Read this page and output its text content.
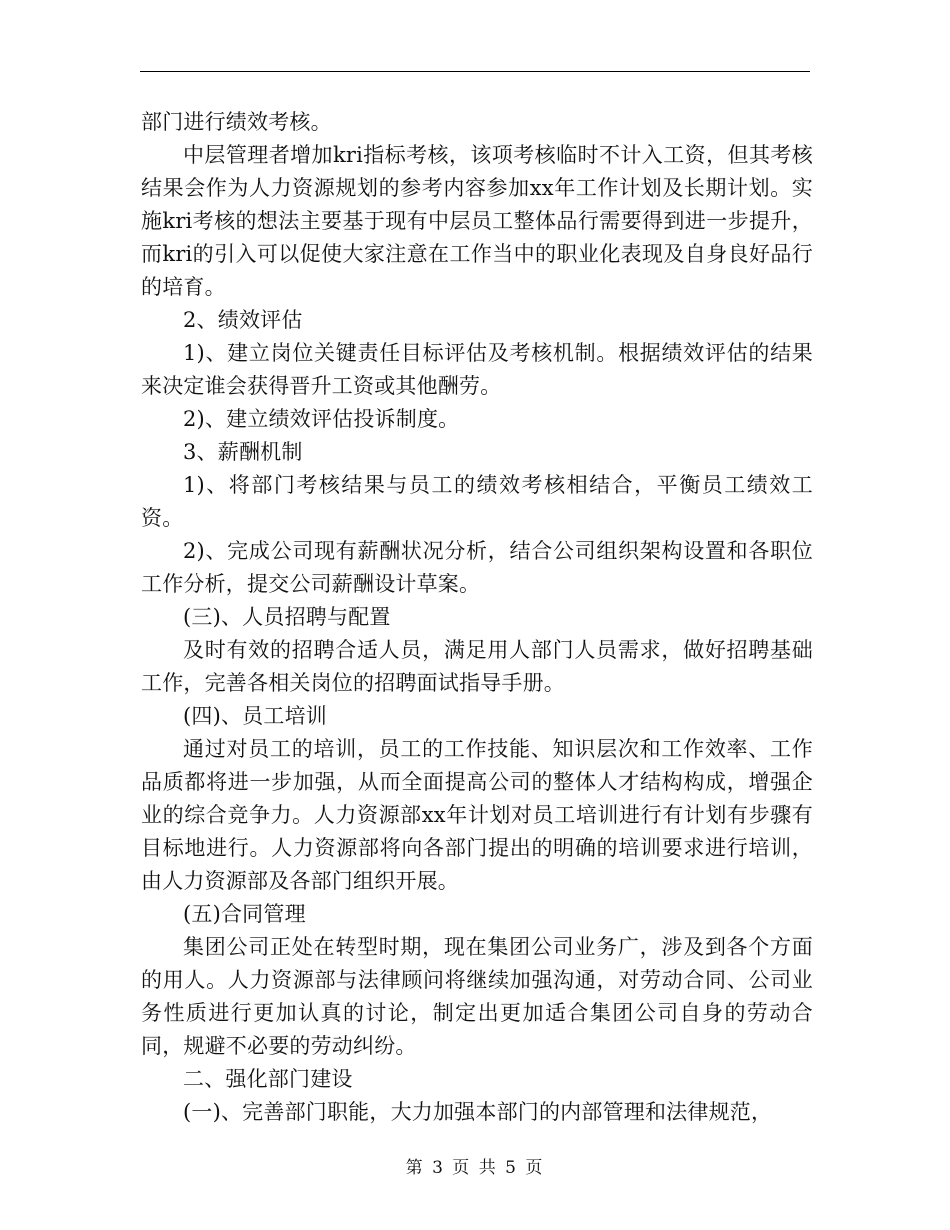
部门进行绩效考核。

中层管理者增加kri指标考核，该项考核临时不计入工资，但其考核结果会作为人力资源规划的参考内容参加xx年工作计划及长期计划。实施kri考核的想法主要基于现有中层员工整体品行需要得到进一步提升，而kri的引入可以促使大家注意在工作当中的职业化表现及自身良好品行的培育。

2、绩效评估

1)、建立岗位关键责任目标评估及考核机制。根据绩效评估的结果来决定谁会获得晋升工资或其他酬劳。

2)、建立绩效评估投诉制度。

3、薪酬机制

1)、将部门考核结果与员工的绩效考核相结合，平衡员工绩效工资。

2)、完成公司现有薪酬状况分析，结合公司组织架构设置和各职位工作分析，提交公司薪酬设计草案。

(三)、人员招聘与配置

及时有效的招聘合适人员，满足用人部门人员需求，做好招聘基础工作，完善各相关岗位的招聘面试指导手册。

(四)、员工培训

通过对员工的培训，员工的工作技能、知识层次和工作效率、工作品质都将进一步加强，从而全面提高公司的整体人才结构构成，增强企业的综合竞争力。人力资源部xx年计划对员工培训进行有计划有步骤有目标地进行。人力资源部将向各部门提出的明确的培训要求进行培训，由人力资源部及各部门组织开展。

(五)合同管理

集团公司正处在转型时期，现在集团公司业务广，涉及到各个方面的用人。人力资源部与法律顾问将继续加强沟通，对劳动合同、公司业务性质进行更加认真的讨论，制定出更加适合集团公司自身的劳动合同，规避不必要的劳动纠纷。

二、强化部门建设

(一)、完善部门职能，大力加强本部门的内部管理和法律规范，

第 3 页 共 5 页
